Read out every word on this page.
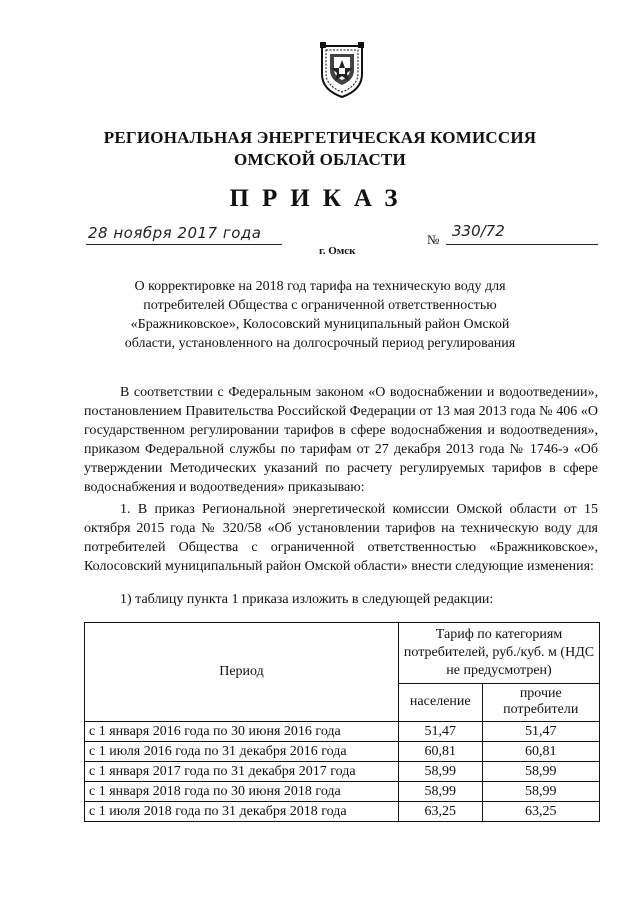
РЕГИОНАЛЬНАЯ ЭНЕРГЕТИЧЕСКАЯ КОМИССИЯ
ОМСКОЙ ОБЛАСТИ
ПРИКАЗ
28 ноября 2017 года
г. Омск
№ 330/72
О корректировке на 2018 год тарифа на техническую воду для потребителей Общества с ограниченной ответственностью «Бражниковское», Колосовский муниципальный район Омской области, установленного на долгосрочный период регулирования
В соответствии с Федеральным законом «О водоснабжении и водоотведении», постановлением Правительства Российской Федерации от 13 мая 2013 года № 406 «О государственном регулировании тарифов в сфере водоснабжения и водоотведения», приказом Федеральной службы по тарифам от 27 декабря 2013 года № 1746-э «Об утверждении Методических указаний по расчету регулируемых тарифов в сфере водоснабжения и водоотведения» приказываю:
1. В приказ Региональной энергетической комиссии Омской области от 15 октября 2015 года № 320/58 «Об установлении тарифов на техническую воду для потребителей Общества с ограниченной ответственностью «Бражниковское», Колосовский муниципальный район Омской области» внести следующие изменения:
1) таблицу пункта 1 приказа изложить в следующей редакции:
Период	Тариф по категориям потребителей, руб./куб. м (НДС не предусмотрен)	
	население	прочие потребители
с 1 января 2016 года по 30 июня 2016 года	51,47	51,47
с 1 июля 2016 года по 31 декабря 2016 года	60,81	60,81
с 1 января 2017 года по 31 декабря 2017 года	58,99	58,99
с 1 января 2018 года по 30 июня 2018 года	58,99	58,99
с 1 июля 2018 года по 31 декабря 2018 года	63,25	63,25
